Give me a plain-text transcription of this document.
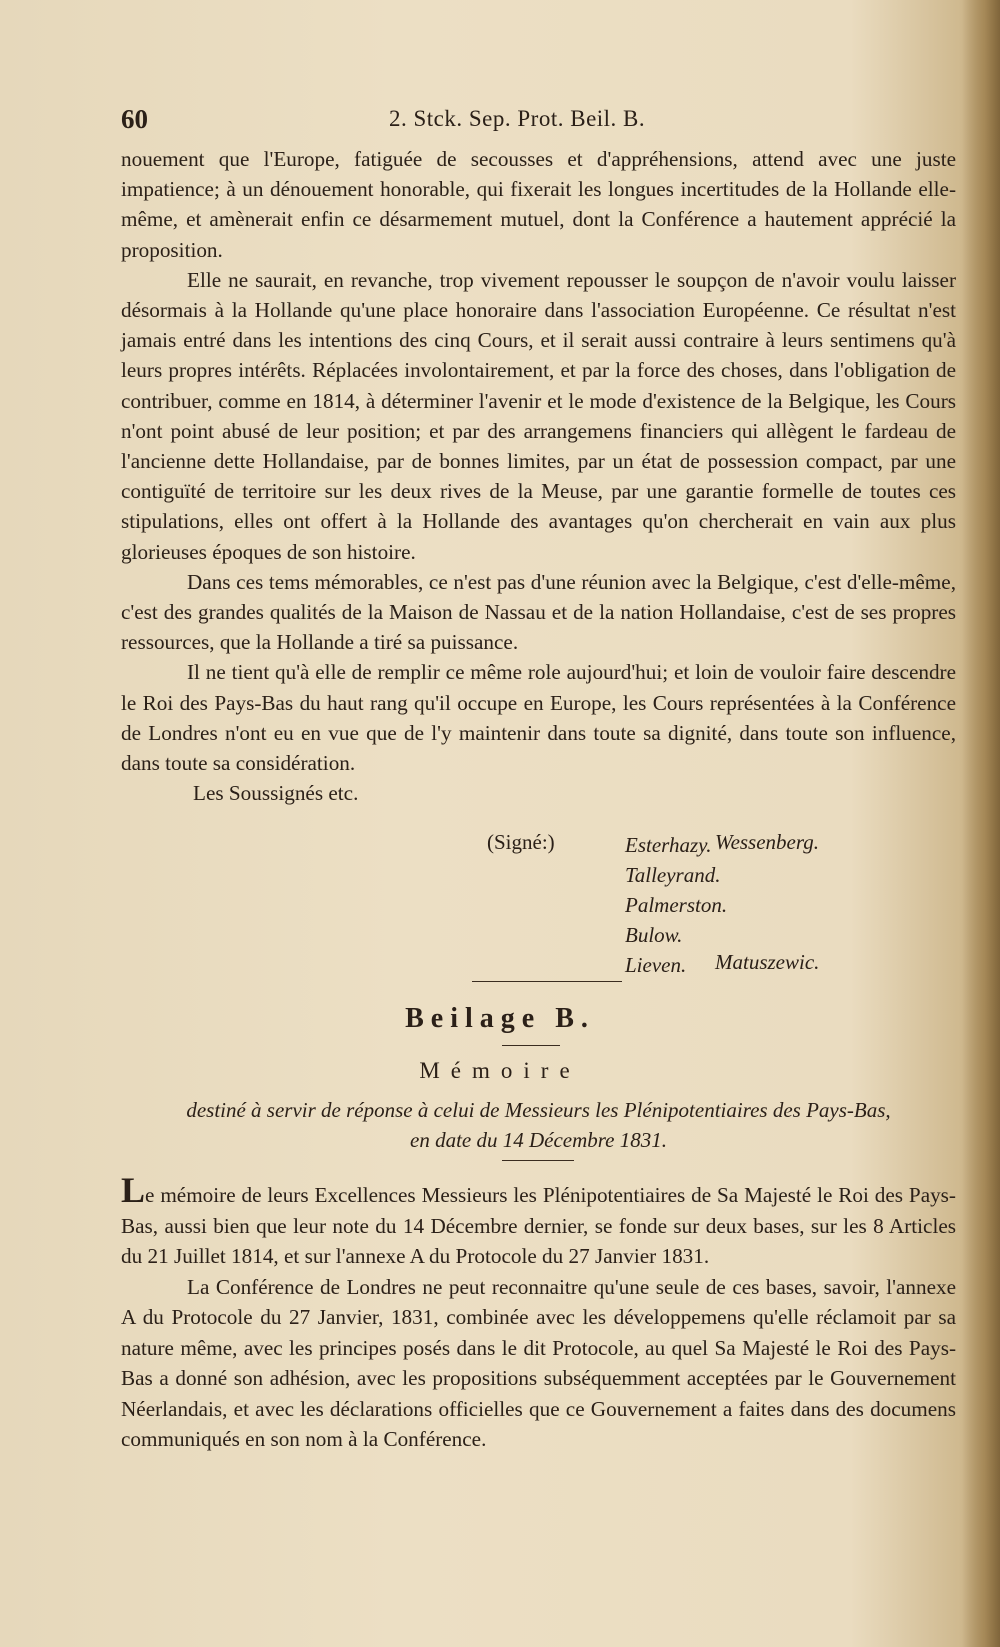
60	2. Stck. Sep. Prot. Beil. B.

nouement que l'Europe, fatiguée de secousses et d'appréhensions, attend avec une juste impatience; à un dénouement honorable, qui fixerait les longues incertitudes de la Hollande elle-même, et amènerait enfin ce désarmement mutuel, dont la Conférence a hautement apprécié la proposition.

Elle ne saurait, en revanche, trop vivement repousser le soupçon de n'avoir voulu laisser désormais à la Hollande qu'une place honoraire dans l'association Européenne. Ce résultat n'est jamais entré dans les intentions des cinq Cours, et il serait aussi contraire à leurs sentimens qu'à leurs propres intérêts. Réplacées involontairement, et par la force des choses, dans l'obligation de contribuer, comme en 1814, à déterminer l'avenir et le mode d'existence de la Belgique, les Cours n'ont point abusé de leur position; et par des arrangemens financiers qui allègent le fardeau de l'ancienne dette Hollandaise, par de bonnes limites, par un état de possession compact, par une contiguïté de territoire sur les deux rives de la Meuse, par une garantie formelle de toutes ces stipulations, elles ont offert à la Hollande des avantages qu'on chercherait en vain aux plus glorieuses époques de son histoire.

Dans ces tems mémorables, ce n'est pas d'une réunion avec la Belgique, c'est d'elle-même, c'est des grandes qualités de la Maison de Nassau et de la nation Hollandaise, c'est de ses propres ressources, que la Hollande a tiré sa puissance.

Il ne tient qu'à elle de remplir ce même role aujourd'hui; et loin de vouloir faire descendre le Roi des Pays-Bas du haut rang qu'il occupe en Europe, les Cours représentées à la Conférence de Londres n'ont eu en vue que de l'y maintenir dans toute sa dignité, dans toute son influence, dans toute sa considération.

Les Soussignés etc.

(Signé:)	Esterhazy.
Talleyrand.
Palmerston.
Bulow.
Lieven.
Wessenberg.
Matuszewic.
Beilage B.
Mémoire
destiné à servir de réponse à celui de Messieurs les Plénipotentiaires des Pays-Bas,
en date du 14 Décembre 1831.

Le mémoire de leurs Excellences Messieurs les Plénipotentiaires de Sa Majesté le Roi des Pays-Bas, aussi bien que leur note du 14 Décembre dernier, se fonde sur deux bases, sur les 8 Articles du 21 Juillet 1814, et sur l'annexe A du Protocole du 27 Janvier 1831.

La Conférence de Londres ne peut reconnaitre qu'une seule de ces bases, savoir, l'annexe A du Protocole du 27 Janvier, 1831, combinée avec les développemens qu'elle réclamoit par sa nature même, avec les principes posés dans le dit Protocole, au quel Sa Majesté le Roi des Pays-Bas a donné son adhésion, avec les propositions subséquemment acceptées par le Gouvernement Néerlandais, et avec les déclarations officielles que ce Gouvernement a faites dans des documens communiqués en son nom à la Conférence.
